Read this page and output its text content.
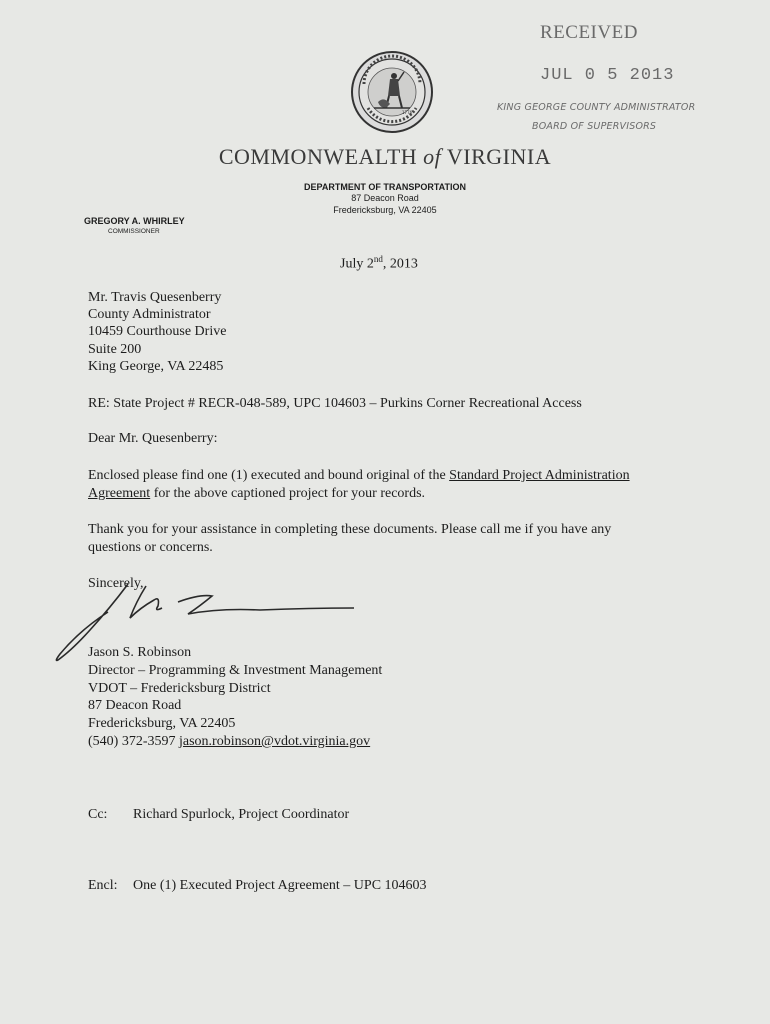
RECEIVED
JUL 0 5 2013
KING GEORGE COUNTY ADMINISTRATOR
BOARD OF SUPERVISORS
1776
COMMONWEALTH of VIRGINIA
DEPARTMENT OF TRANSPORTATION
87 Deacon Road
Fredericksburg, VA 22405
GREGORY A. WHIRLEY
COMMISSIONER
July 2nd, 2013
Mr. Travis Quesenberry
County Administrator
10459 Courthouse Drive
Suite 200
King George, VA 22485
RE: State Project # RECR-048-589, UPC 104603 – Purkins Corner Recreational Access
Dear Mr. Quesenberry:
Enclosed please find one (1) executed and bound original of the Standard Project Administration
Agreement for the above captioned project for your records.
Thank you for your assistance in completing these documents. Please call me if you have any
questions or concerns.
Sincerely,
Jason S. Robinson
Director – Programming & Investment Management
VDOT – Fredericksburg District
87 Deacon Road
Fredericksburg, VA 22405
(540) 372-3597 jason.robinson@vdot.virginia.gov
Cc: Richard Spurlock, Project Coordinator
Encl: One (1) Executed Project Agreement – UPC 104603
